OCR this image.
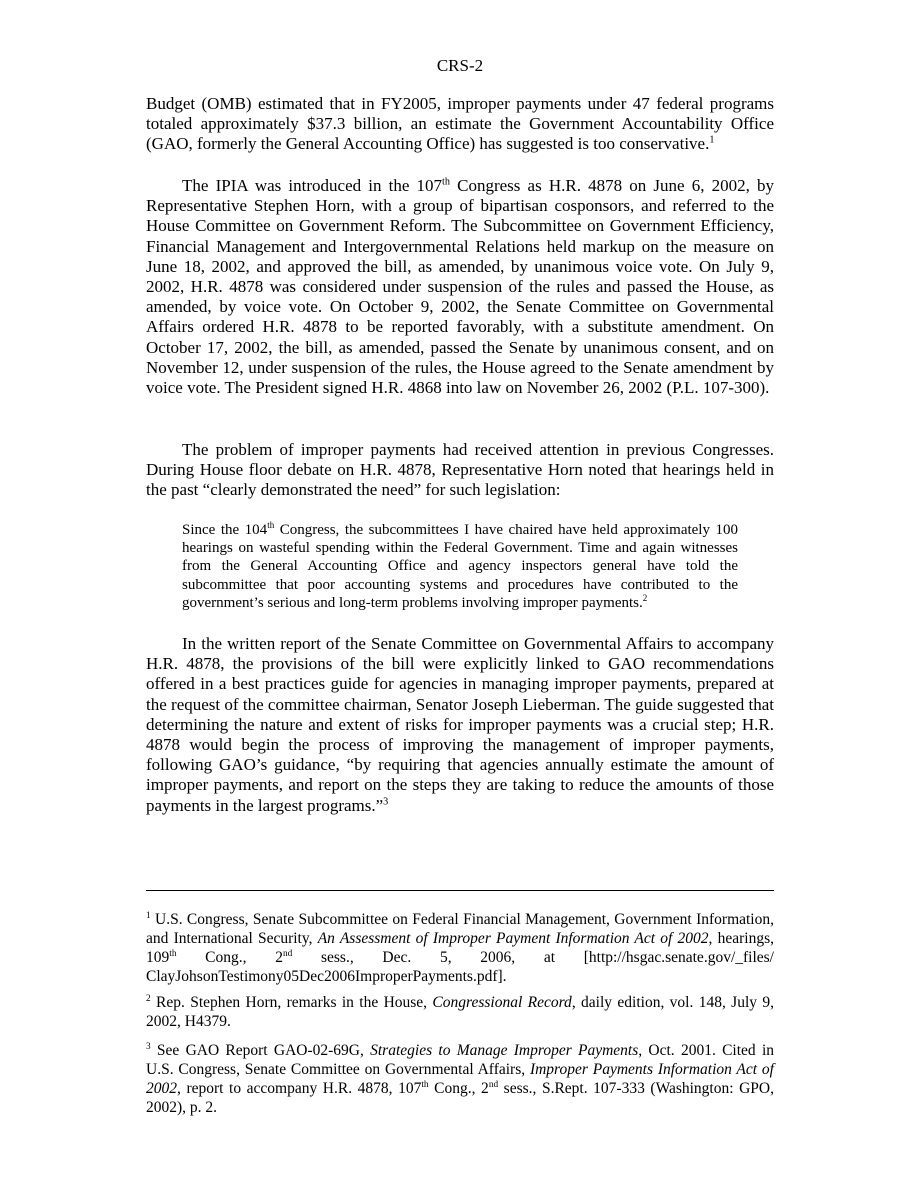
CRS-2

Budget (OMB) estimated that in FY2005, improper payments under 47 federal programs totaled approximately $37.3 billion, an estimate the Government Accountability Office (GAO, formerly the General Accounting Office) has suggested is too conservative.$^1$

The IPIA was introduced in the 107th Congress as H.R. 4878 on June 6, 2002, by Representative Stephen Horn, with a group of bipartisan cosponsors, and referred to the House Committee on Government Reform. The Subcommittee on Government Efficiency, Financial Management and Intergovernmental Relations held markup on the measure on June 18, 2002, and approved the bill, as amended, by unanimous voice vote. On July 9, 2002, H.R. 4878 was considered under suspension of the rules and passed the House, as amended, by voice vote. On October 9, 2002, the Senate Committee on Governmental Affairs ordered H.R. 4878 to be reported favorably, with a substitute amendment. On October 17, 2002, the bill, as amended, passed the Senate by unanimous consent, and on November 12, under suspension of the rules, the House agreed to the Senate amendment by voice vote. The President signed H.R. 4868 into law on November 26, 2002 (P.L. 107-300).

The problem of improper payments had received attention in previous Congresses. During House floor debate on H.R. 4878, Representative Horn noted that hearings held in the past “clearly demonstrated the need” for such legislation:

Since the 104th Congress, the subcommittees I have chaired have held approximately 100 hearings on wasteful spending within the Federal Government. Time and again witnesses from the General Accounting Office and agency inspectors general have told the subcommittee that poor accounting systems and procedures have contributed to the government’s serious and long-term problems involving improper payments.$^2$

In the written report of the Senate Committee on Governmental Affairs to accompany H.R. 4878, the provisions of the bill were explicitly linked to GAO recommendations offered in a best practices guide for agencies in managing improper payments, prepared at the request of the committee chairman, Senator Joseph Lieberman. The guide suggested that determining the nature and extent of risks for improper payments was a crucial step; H.R. 4878 would begin the process of improving the management of improper payments, following GAO’s guidance, “by requiring that agencies annually estimate the amount of improper payments, and report on the steps they are taking to reduce the amounts of those payments in the largest programs.”$^3$

$^1$ U.S. Congress, Senate Subcommittee on Federal Financial Management, Government Information, and International Security, An Assessment of Improper Payment Information Act of 2002, hearings, 109th Cong., 2nd sess., Dec. 5, 2006, at [http://hsgac.senate.gov/_files/ ClayJohsonTestimony05Dec2006ImproperPayments.pdf].

$^2$ Rep. Stephen Horn, remarks in the House, Congressional Record, daily edition, vol. 148, July 9, 2002, H4379.

$^3$ See GAO Report GAO-02-69G, Strategies to Manage Improper Payments, Oct. 2001. Cited in U.S. Congress, Senate Committee on Governmental Affairs, Improper Payments Information Act of 2002, report to accompany H.R. 4878, 107th Cong., 2nd sess., S.Rept. 107-333 (Washington: GPO, 2002), p. 2.
